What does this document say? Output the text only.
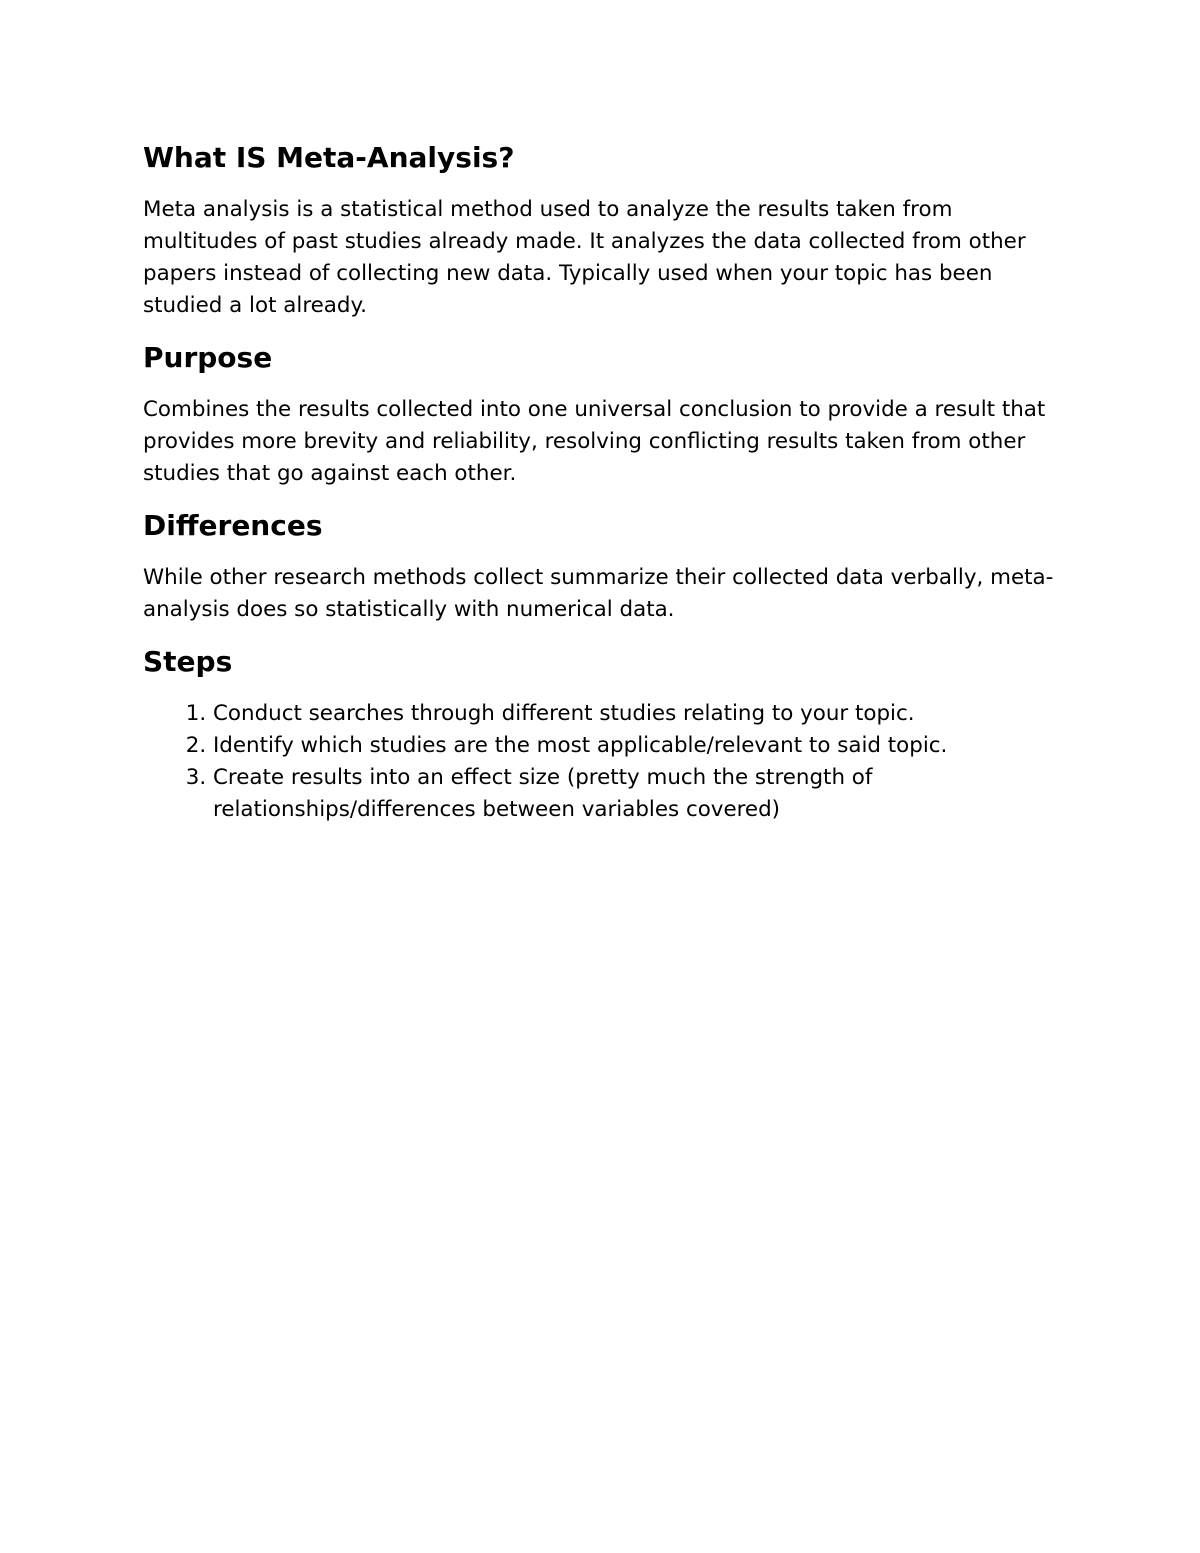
What IS Meta-Analysis?

Meta analysis is a statistical method used to analyze the results taken from multitudes of past studies already made. It analyzes the data collected from other papers instead of collecting new data. Typically used when your topic has been studied a lot already.

Purpose

Combines the results collected into one universal conclusion to provide a result that provides more brevity and reliability, resolving conflicting results taken from other studies that go against each other.

Differences

While other research methods collect summarize their collected data verbally, meta-analysis does so statistically with numerical data.

Steps
1. Conduct searches through different studies relating to your topic.
2. Identify which studies are the most applicable/relevant to said topic.
3. Create results into an effect size (pretty much the strength of relationships/differences between variables covered)
